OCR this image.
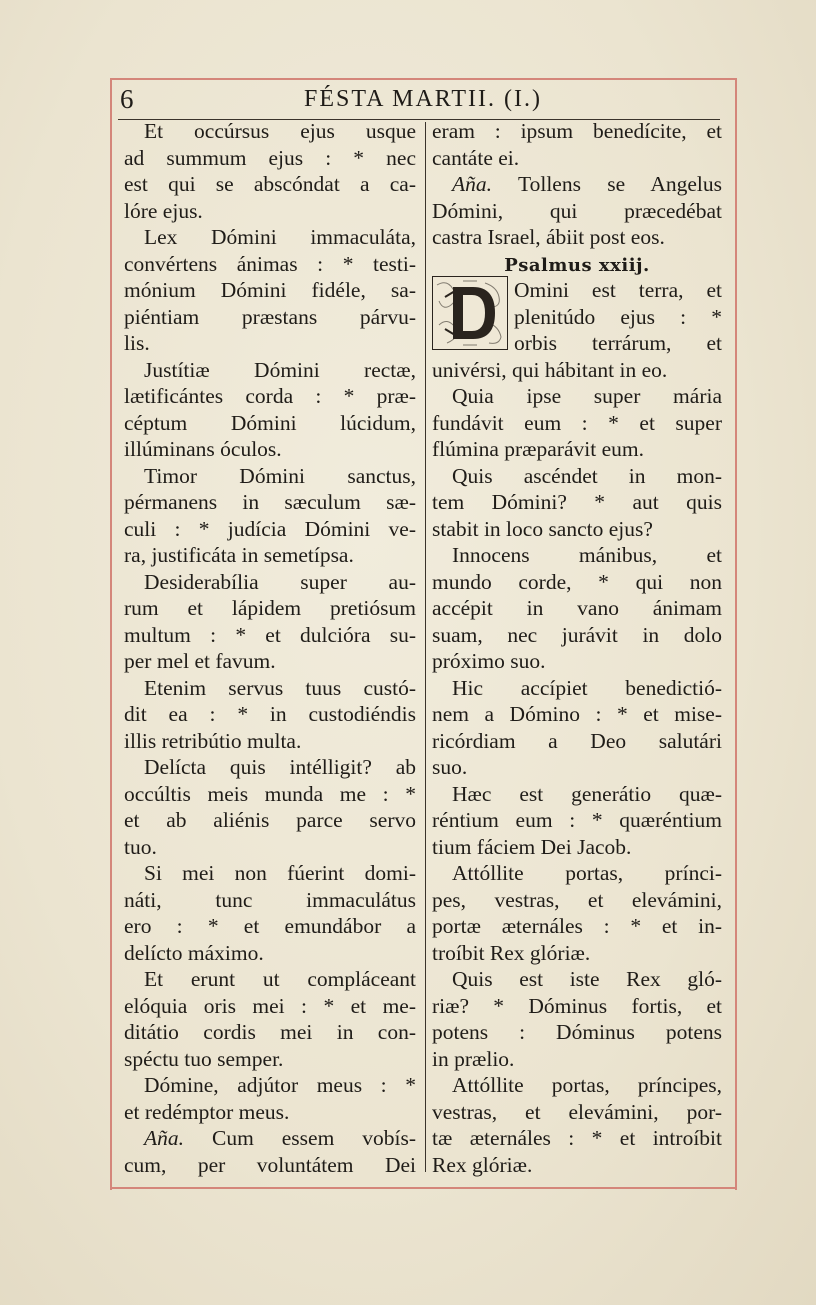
6	FÉSTA MARTII. (I.)
Et occúrsus ejus usque
ad summum ejus : * nec
est qui se abscóndat a ca-
lóre ejus.
Lex Dómini immaculáta,
convértens ánimas : * testi-
mónium Dómini fidéle, sa-
piéntiam præstans párvu-
lis.
Justítiæ Dómini rectæ,
lætificántes corda : * præ-
céptum Dómini lúcidum,
illúminans óculos.
Timor Dómini sanctus,
pérmanens in sæculum sæ-
culi : * judícia Dómini ve-
ra, justificáta in semetípsa.
Desiderabília super au-
rum et lápidem pretiósum
multum : * et dulcióra su-
per mel et favum.
Etenim servus tuus custó-
dit ea : * in custodiéndis
illis retribútio multa.
Delícta quis intélligit? ab
occúltis meis munda me : *
et ab aliénis parce servo
tuo.
Si mei non fúerint domi-
náti, tunc immaculátus
ero : * et emundábor a
delícto máximo.
Et erunt ut compláceant
elóquia oris mei : * et me-
ditátio cordis mei in con-
spéctu tuo semper.
Dómine, adjútor meus : *
et redémptor meus.
Aña. Cum essem vobís-
cum, per voluntátem Dei
eram : ipsum benedícite, et
cantáte ei.
Aña. Tollens se Angelus
Dómini, qui præcedébat
castra Israel, ábiit post eos.
Psalmus xxiij.
Omini est terra, et
plenitúdo ejus : *
orbis terrárum, et
univérsi, qui hábitant in eo.
Quia ipse super mária
fundávit eum : * et super
flúmina præparávit eum.
Quis ascéndet in mon-
tem Dómini? * aut quis
stabit in loco sancto ejus?
Innocens mánibus, et
mundo corde, * qui non
accépit in vano ánimam
suam, nec jurávit in dolo
próximo suo.
Hic accípiet benedictió-
nem a Dómino : * et mise-
ricórdiam a Deo salutári
suo.
Hæc est generátio quæ-
réntium eum : * quæréntium
tium fáciem Dei Jacob.
Attóllite portas, prínci-
pes, vestras, et elevámini,
portæ æternáles : * et in-
troíbit Rex glóriæ.
Quis est iste Rex gló-
riæ? * Dóminus fortis, et
potens : Dóminus potens
in prælio.
Attóllite portas, príncipes,
vestras, et elevámini, por-
tæ æternáles : * et introíbit
Rex glóriæ.
